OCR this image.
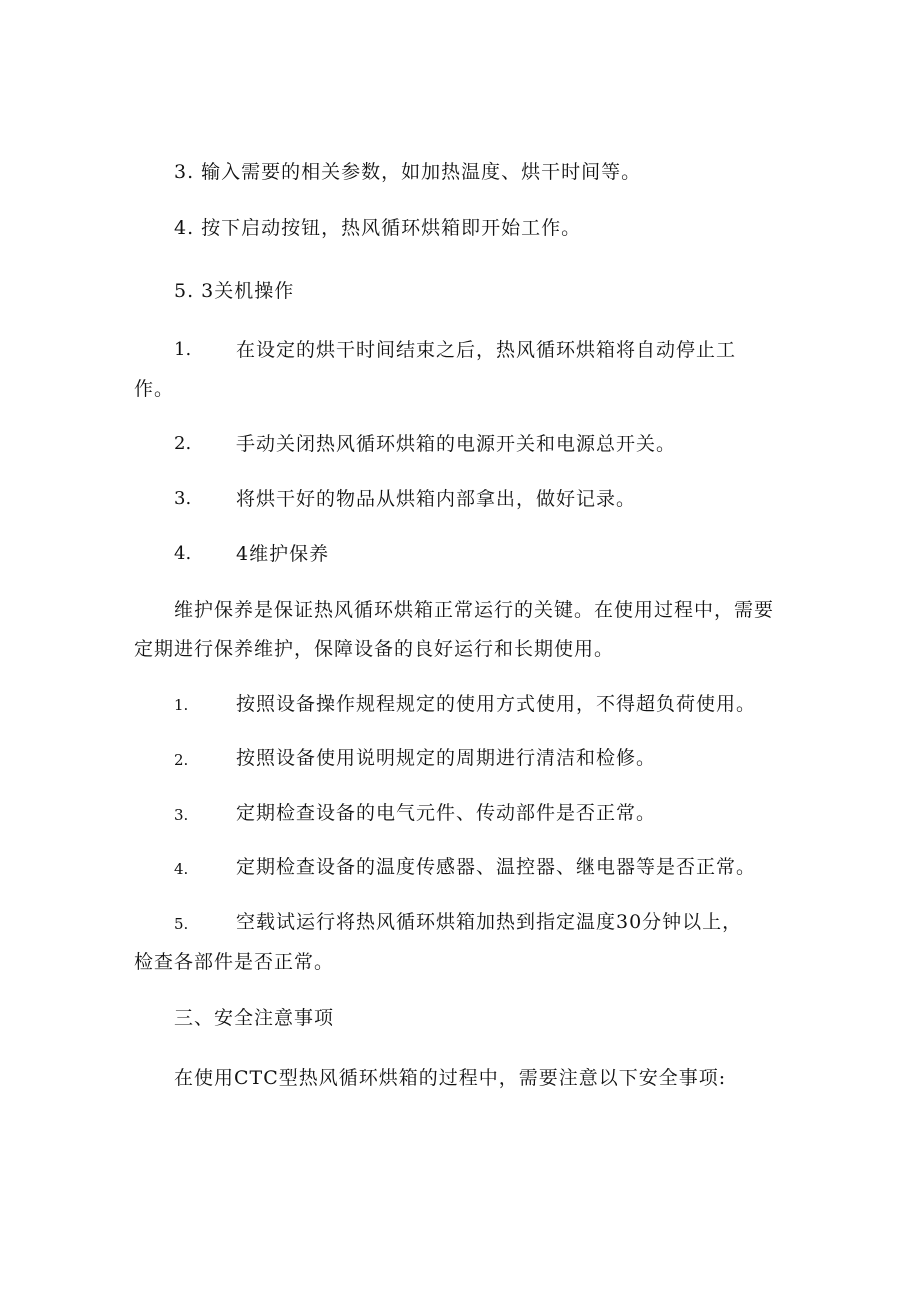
3. 输入需要的相关参数，如加热温度、烘干时间等。
4. 按下启动按钮，热风循环烘箱即开始工作。
5. 3关机操作
1. 在设定的烘干时间结束之后，热风循环烘箱将自动停止工
作。
2. 手动关闭热风循环烘箱的电源开关和电源总开关。
3. 将烘干好的物品从烘箱内部拿出，做好记录。
4. 4维护保养
维护保养是保证热风循环烘箱正常运行的关键。在使用过程中，需要
定期进行保养维护，保障设备的良好运行和长期使用。
1.	按照设备操作规程规定的使用方式使用，不得超负荷使用。
2.	按照设备使用说明规定的周期进行清洁和检修。
3.	定期检查设备的电气元件、传动部件是否正常。
4.	定期检查设备的温度传感器、温控器、继电器等是否正常。
5.	空载试运行将热风循环烘箱加热到指定温度30分钟以上，
检查各部件是否正常。
三、安全注意事项
在使用CTC型热风循环烘箱的过程中，需要注意以下安全事项:
